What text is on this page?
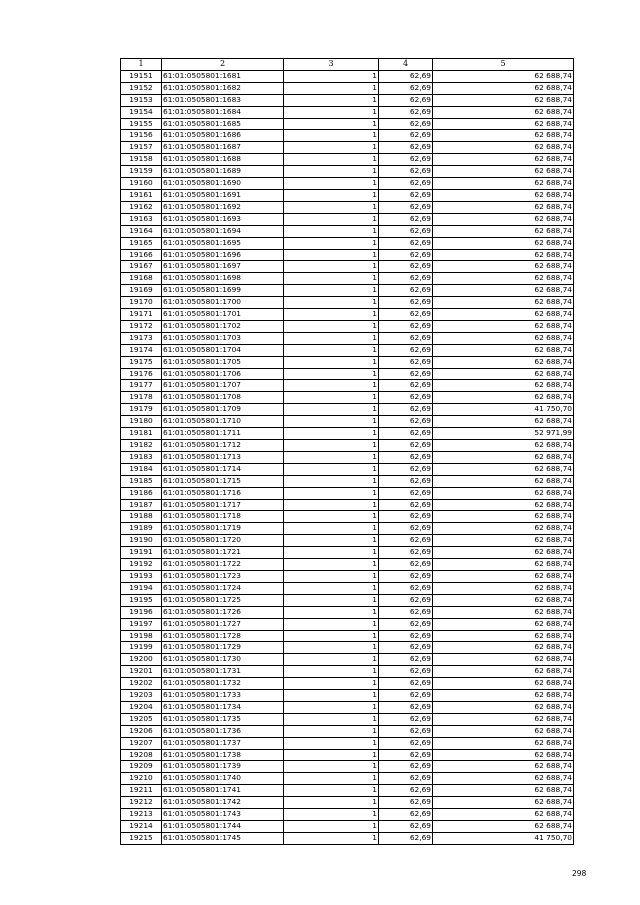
1	2	3	4	5
19151	61:01:0505801:1681	1	62,69	62 688,74
19152	61:01:0505801:1682	1	62,69	62 688,74
19153	61:01:0505801:1683	1	62,69	62 688,74
19154	61:01:0505801:1684	1	62,69	62 688,74
19155	61:01:0505801:1685	1	62,69	62 688,74
19156	61:01:0505801:1686	1	62,69	62 688,74
19157	61:01:0505801:1687	1	62,69	62 688,74
19158	61:01:0505801:1688	1	62,69	62 688,74
19159	61:01:0505801:1689	1	62,69	62 688,74
19160	61:01:0505801:1690	1	62,69	62 688,74
19161	61:01:0505801:1691	1	62,69	62 688,74
19162	61:01:0505801:1692	1	62,69	62 688,74
19163	61:01:0505801:1693	1	62,69	62 688,74
19164	61:01:0505801:1694	1	62,69	62 688,74
19165	61:01:0505801:1695	1	62,69	62 688,74
19166	61:01:0505801:1696	1	62,69	62 688,74
19167	61:01:0505801:1697	1	62,69	62 688,74
19168	61:01:0505801:1698	1	62,69	62 688,74
19169	61:01:0505801:1699	1	62,69	62 688,74
19170	61:01:0505801:1700	1	62,69	62 688,74
19171	61:01:0505801:1701	1	62,69	62 688,74
19172	61:01:0505801:1702	1	62,69	62 688,74
19173	61:01:0505801:1703	1	62,69	62 688,74
19174	61:01:0505801:1704	1	62,69	62 688,74
19175	61:01:0505801:1705	1	62,69	62 688,74
19176	61:01:0505801:1706	1	62,69	62 688,74
19177	61:01:0505801:1707	1	62,69	62 688,74
19178	61:01:0505801:1708	1	62,69	62 688,74
19179	61:01:0505801:1709	1	62,69	41 750,70
19180	61:01:0505801:1710	1	62,69	62 688,74
19181	61:01:0505801:1711	1	62,69	52 971,99
19182	61:01:0505801:1712	1	62,69	62 688,74
19183	61:01:0505801:1713	1	62,69	62 688,74
19184	61:01:0505801:1714	1	62,69	62 688,74
19185	61:01:0505801:1715	1	62,69	62 688,74
19186	61:01:0505801:1716	1	62,69	62 688,74
19187	61:01:0505801:1717	1	62,69	62 688,74
19188	61:01:0505801:1718	1	62,69	62 688,74
19189	61:01:0505801:1719	1	62,69	62 688,74
19190	61:01:0505801:1720	1	62,69	62 688,74
19191	61:01:0505801:1721	1	62,69	62 688,74
19192	61:01:0505801:1722	1	62,69	62 688,74
19193	61:01:0505801:1723	1	62,69	62 688,74
19194	61:01:0505801:1724	1	62,69	62 688,74
19195	61:01:0505801:1725	1	62,69	62 688,74
19196	61:01:0505801:1726	1	62,69	62 688,74
19197	61:01:0505801:1727	1	62,69	62 688,74
19198	61:01:0505801:1728	1	62,69	62 688,74
19199	61:01:0505801:1729	1	62,69	62 688,74
19200	61:01:0505801:1730	1	62,69	62 688,74
19201	61:01:0505801:1731	1	62,69	62 688,74
19202	61:01:0505801:1732	1	62,69	62 688,74
19203	61:01:0505801:1733	1	62,69	62 688,74
19204	61:01:0505801:1734	1	62,69	62 688,74
19205	61:01:0505801:1735	1	62,69	62 688,74
19206	61:01:0505801:1736	1	62,69	62 688,74
19207	61:01:0505801:1737	1	62,69	62 688,74
19208	61:01:0505801:1738	1	62,69	62 688,74
19209	61:01:0505801:1739	1	62,69	62 688,74
19210	61:01:0505801:1740	1	62,69	62 688,74
19211	61:01:0505801:1741	1	62,69	62 688,74
19212	61:01:0505801:1742	1	62,69	62 688,74
19213	61:01:0505801:1743	1	62,69	62 688,74
19214	61:01:0505801:1744	1	62,69	62 688,74
19215	61:01:0505801:1745	1	62,69	41 750,70
298
